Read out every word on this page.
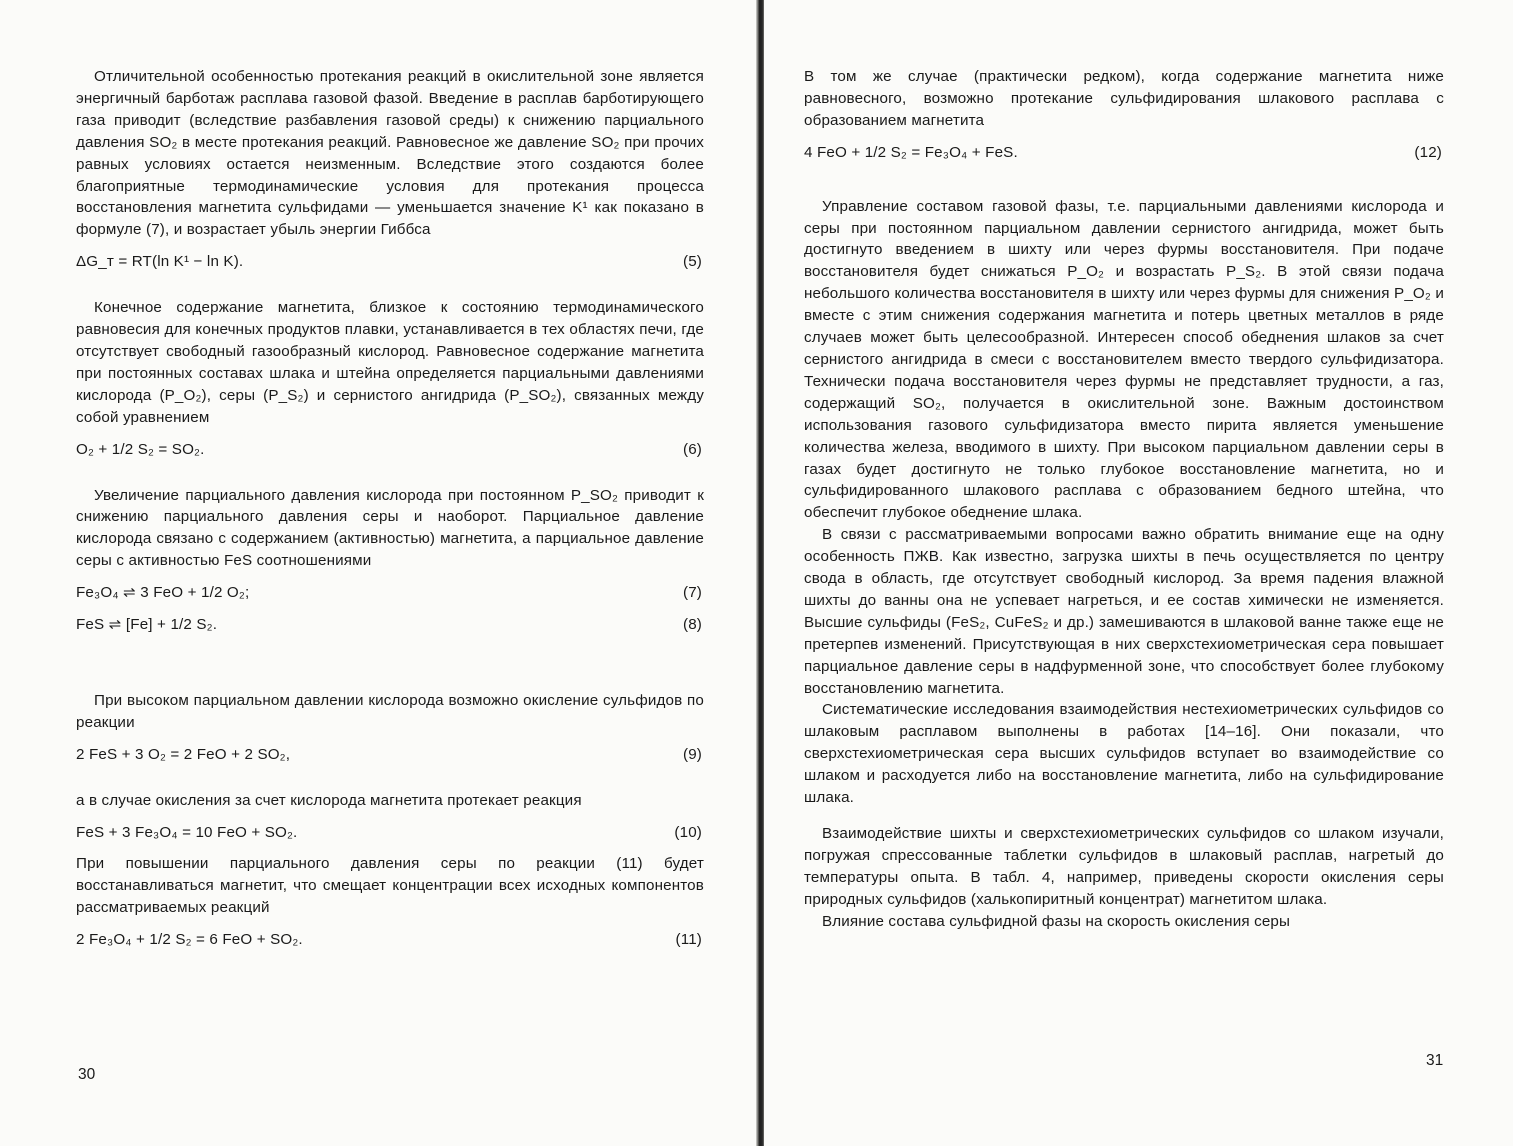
Отличительной особенностью протекания реакций в окислительной зоне является энергичный барботаж расплава газовой фазой. Введение в расплав барботирующего газа приводит (вследствие разбавления газовой среды) к снижению парциального давления SO₂ в месте протекания реакций. Равновесное же давление SO₂ при прочих равных условиях остается неизменным. Вследствие этого создаются более благоприятные термодинамические условия для протекания процесса восстановления магнетита сульфидами — уменьшается значение K¹ как показано в формуле (7), и возрастает убыль энергии Гиббса

ΔG_т = RT(ln K¹ − ln K).	(5)

Конечное содержание магнетита, близкое к состоянию термодинамического равновесия для конечных продуктов плавки, устанавливается в тех областях печи, где отсутствует свободный газообразный кислород. Равновесное содержание магнетита при постоянных составах шлака и штейна определяется парциальными давлениями кислорода (P_O₂), серы (P_S₂) и сернистого ангидрида (P_SO₂), связанных между собой уравнением

O₂ + 1/2 S₂ = SO₂.	(6)

Увеличение парциального давления кислорода при постоянном P_SO₂ приводит к снижению парциального давления серы и наоборот. Парциальное давление кислорода связано с содержанием (активностью) магнетита, а парциальное давление серы с активностью FeS соотношениями

Fe₃O₄ ⇌ 3 FeO + 1/2 O₂;	(7)
FeS ⇌ [Fe] + 1/2 S₂.	(8)

При высоком парциальном давлении кислорода возможно окисление сульфидов по реакции

2 FeS + 3 O₂ = 2 FeO + 2 SO₂,	(9)

а в случае окисления за счет кислорода магнетита протекает реакция

FeS + 3 Fe₃O₄ = 10 FeO + SO₂.	(10)

При повышении парциального давления серы по реакции (11) будет восстанавливаться магнетит, что смещает концентрации всех исходных компонентов рассматриваемых реакций

2 Fe₃O₄ + 1/2 S₂ = 6 FeO + SO₂.	(11)
30

В том же случае (практически редком), когда содержание магнетита ниже равновесного, возможно протекание сульфидирования шлакового расплава с образованием магнетита

4 FeO + 1/2 S₂ = Fe₃O₄ + FeS.	(12)

Управление составом газовой фазы, т.е. парциальными давлениями кислорода и серы при постоянном парциальном давлении сернистого ангидрида, может быть достигнуто введением в шихту или через фурмы восстановителя. При подаче восстановителя будет снижаться P_O₂ и возрастать P_S₂. В этой связи подача небольшого количества восстановителя в шихту или через фурмы для снижения P_O₂ и вместе с этим снижения содержания магнетита и потерь цветных металлов в ряде случаев может быть целесообразной. Интересен способ обеднения шлаков за счет сернистого ангидрида в смеси с восстановителем вместо твердого сульфидизатора. Технически подача восстановителя через фурмы не представляет трудности, а газ, содержащий SO₂, получается в окислительной зоне. Важным достоинством использования газового сульфидизатора вместо пирита является уменьшение количества железа, вводимого в шихту. При высоком парциальном давлении серы в газах будет достигнуто не только глубокое восстановление магнетита, но и сульфидированного шлакового расплава с образованием бедного штейна, что обеспечит глубокое обеднение шлака.

В связи с рассматриваемыми вопросами важно обратить внимание еще на одну особенность ПЖВ. Как известно, загрузка шихты в печь осуществляется по центру свода в область, где отсутствует свободный кислород. За время падения влажной шихты до ванны она не успевает нагреться, и ее состав химически не изменяется. Высшие сульфиды (FeS₂, CuFeS₂ и др.) замешиваются в шлаковой ванне также еще не претерпев изменений. Присутствующая в них сверхстехиометрическая сера повышает парциальное давление серы в надфурменной зоне, что способствует более глубокому восстановлению магнетита.

Систематические исследования взаимодействия нестехиометрических сульфидов со шлаковым расплавом выполнены в работах [14–16]. Они показали, что сверхстехиометрическая сера высших сульфидов вступает во взаимодействие со шлаком и расходуется либо на восстановление магнетита, либо на сульфидирование шлака.

Взаимодействие шихты и сверхстехиометрических сульфидов со шлаком изучали, погружая спрессованные таблетки сульфидов в шлаковый расплав, нагретый до температуры опыта. В табл. 4, например, приведены скорости окисления серы природных сульфидов (халькопиритный концентрат) магнетитом шлака.

Влияние состава сульфидной фазы на скорость окисления серы

31
